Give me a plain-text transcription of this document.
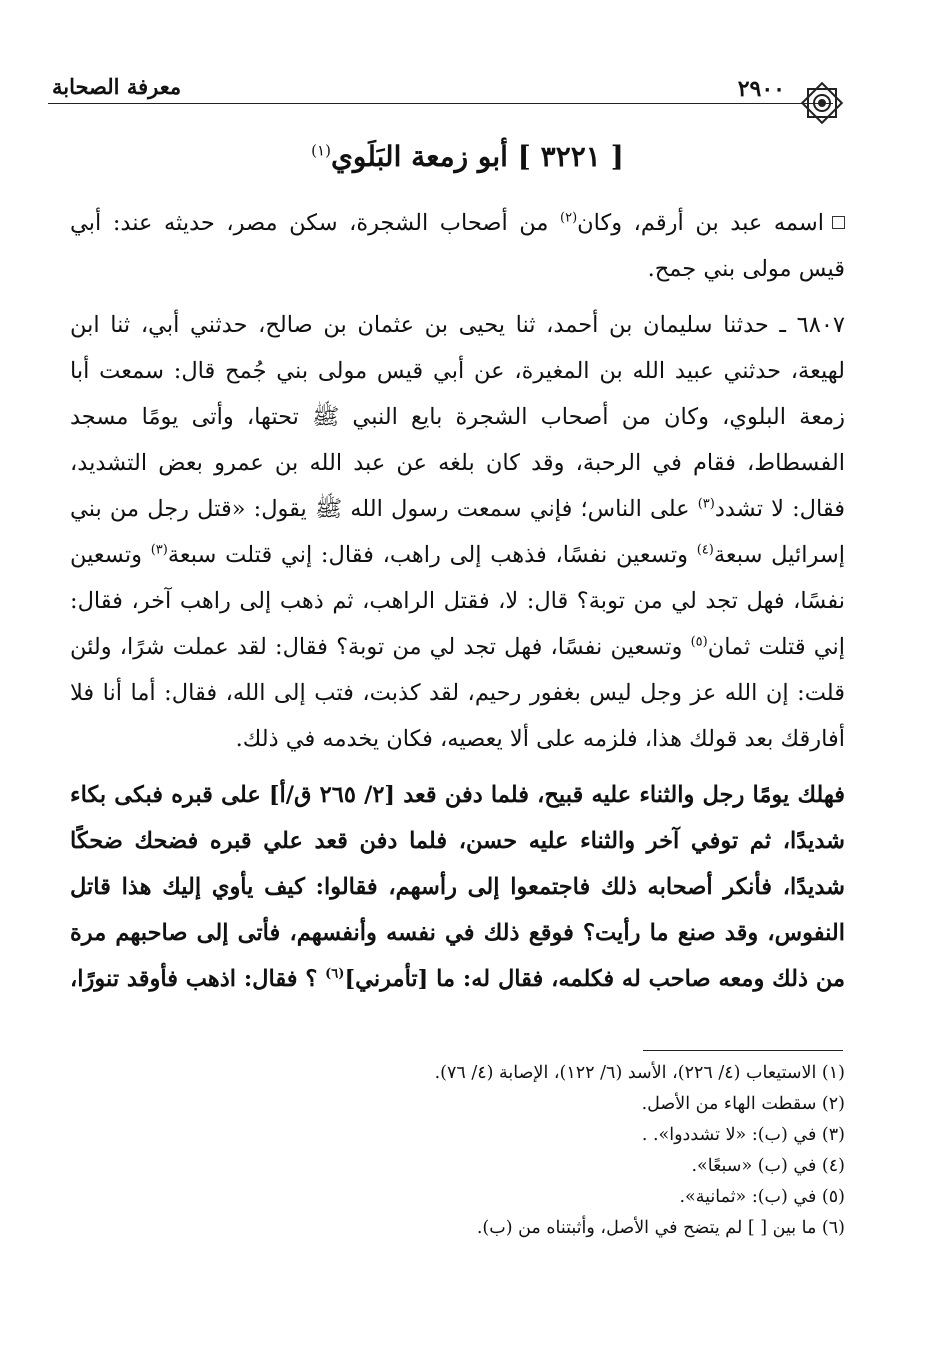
٢٩٠٠
معرفة الصحابة
[ ٣٢٢١ ] أبو زمعة البَلَوي$^{(١)}$

اسمه عبد بن أرقم، وكان$^{(٢)}$ من أصحاب الشجرة، سكن مصر، حديثه عند: أبي قيس مولى بني جمح.

٦٨٠٧ ـ حدثنا سليمان بن أحمد، ثنا يحيى بن عثمان بن صالح، حدثني أبي، ثنا ابن لهيعة، حدثني عبيد الله بن المغيرة، عن أبي قيس مولى بني جُمح قال: سمعت أبا زمعة البلوي، وكان من أصحاب الشجرة بايع النبي ﷺ تحتها، وأتى يومًا مسجد الفسطاط، فقام في الرحبة، وقد كان بلغه عن عبد الله بن عمرو بعض التشديد، فقال: لا تشدد$^{(٣)}$ على الناس؛ فإني سمعت رسول الله ﷺ يقول: «قتل رجل من بني إسرائيل سبعة$^{(٤)}$ وتسعين نفسًا، فذهب إلى راهب، فقال: إني قتلت سبعة$^{(٣)}$ وتسعين نفسًا، فهل تجد لي من توبة؟ قال: لا، فقتل الراهب، ثم ذهب إلى راهب آخر، فقال: إني قتلت ثمان$^{(٥)}$ وتسعين نفسًا، فهل تجد لي من توبة؟ فقال: لقد عملت شرًا، ولئن قلت: إن الله عز وجل ليس بغفور رحيم، لقد كذبت، فتب إلى الله، فقال: أما أنا فلا أفارقك بعد قولك هذا، فلزمه على ألا يعصيه، فكان يخدمه في ذلك.

فهلك يومًا رجل والثناء عليه قبيح، فلما دفن قعد [٢/ ٢٦٥ ق/أ] على قبره فبكى بكاء شديدًا، ثم توفي آخر والثناء عليه حسن، فلما دفن قعد علي قبره فضحك ضحكًا شديدًا، فأنكر أصحابه ذلك فاجتمعوا إلى رأسهم، فقالوا: كيف يأوي إليك هذا قاتل النفوس، وقد صنع ما رأيت؟ فوقع ذلك في نفسه وأنفسهم، فأتى إلى صاحبهم مرة من ذلك ومعه صاحب له فكلمه، فقال له: ما [تأمرني]$^{(٦)}$ ؟ فقال: اذهب فأوقد تنورًا،

(١) الاستيعاب (٤/ ٢٢٦)، الأسد (٦/ ١٢٢)، الإصابة (٤/ ٧٦).
(٢) سقطت الهاء من الأصل.
(٣) في (ب): «لا تشددوا». .
(٤) في (ب) «سبعًا».
(٥) في (ب): «ثمانية».
(٦) ما بين [ ] لم يتضح في الأصل، وأثبتناه من (ب).
